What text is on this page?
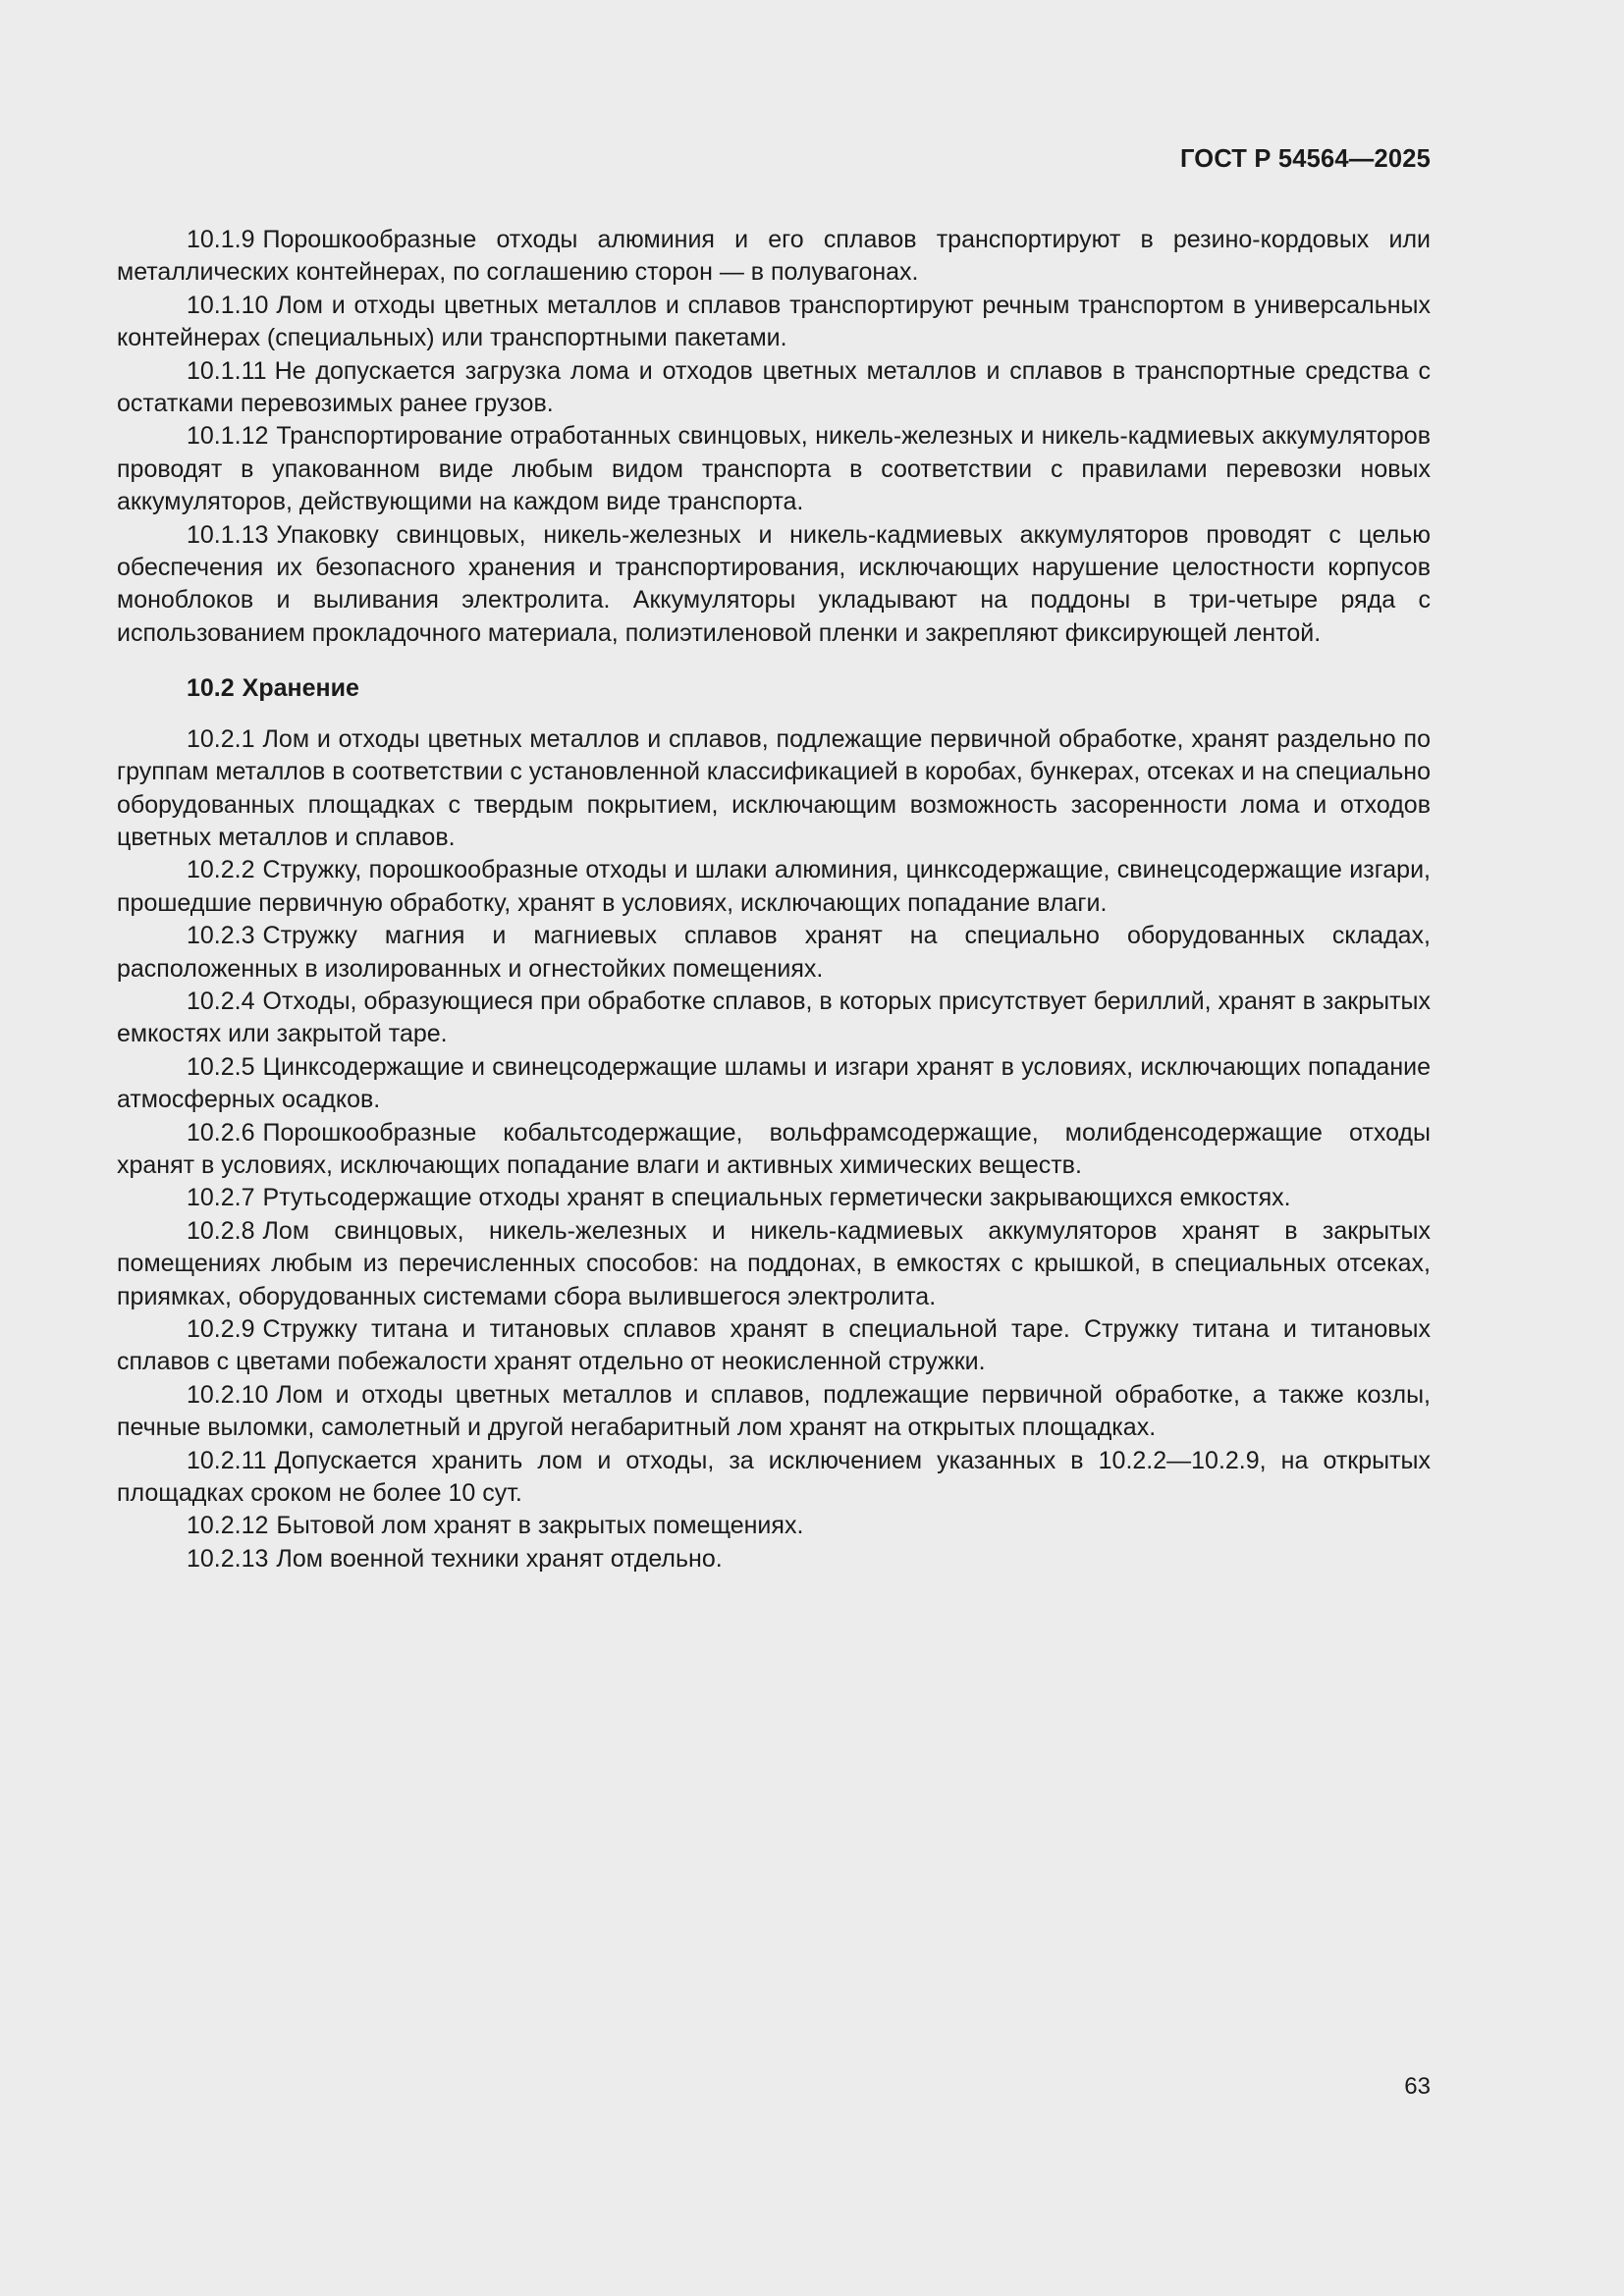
ГОСТ Р 54564—2025

10.1.9 Порошкообразные отходы алюминия и его сплавов транспортируют в резино-кордовых или металлических контейнерах, по соглашению сторон — в полувагонах.

10.1.10 Лом и отходы цветных металлов и сплавов транспортируют речным транспортом в универсальных контейнерах (специальных) или транспортными пакетами.

10.1.11 Не допускается загрузка лома и отходов цветных металлов и сплавов в транспортные средства с остатками перевозимых ранее грузов.

10.1.12 Транспортирование отработанных свинцовых, никель-железных и никель-кадмиевых аккумуляторов проводят в упакованном виде любым видом транспорта в соответствии с правилами перевозки новых аккумуляторов, действующими на каждом виде транспорта.

10.1.13 Упаковку свинцовых, никель-железных и никель-кадмиевых аккумуляторов проводят с целью обеспечения их безопасного хранения и транспортирования, исключающих нарушение целостности корпусов моноблоков и выливания электролита. Аккумуляторы укладывают на поддоны в три-четыре ряда с использованием прокладочного материала, полиэтиленовой пленки и закрепляют фиксирующей лентой.

10.2 Хранение

10.2.1 Лом и отходы цветных металлов и сплавов, подлежащие первичной обработке, хранят раздельно по группам металлов в соответствии с установленной классификацией в коробах, бункерах, отсеках и на специально оборудованных площадках с твердым покрытием, исключающим возможность засоренности лома и отходов цветных металлов и сплавов.

10.2.2 Стружку, порошкообразные отходы и шлаки алюминия, цинксодержащие, свинецсодержащие изгари, прошедшие первичную обработку, хранят в условиях, исключающих попадание влаги.

10.2.3 Стружку магния и магниевых сплавов хранят на специально оборудованных складах, расположенных в изолированных и огнестойких помещениях.

10.2.4 Отходы, образующиеся при обработке сплавов, в которых присутствует бериллий, хранят в закрытых емкостях или закрытой таре.

10.2.5 Цинксодержащие и свинецсодержащие шламы и изгари хранят в условиях, исключающих попадание атмосферных осадков.

10.2.6 Порошкообразные кобальтсодержащие, вольфрамсодержащие, молибденсодержащие отходы хранят в условиях, исключающих попадание влаги и активных химических веществ.

10.2.7 Ртутьсодержащие отходы хранят в специальных герметически закрывающихся емкостях.

10.2.8 Лом свинцовых, никель-железных и никель-кадмиевых аккумуляторов хранят в закрытых помещениях любым из перечисленных способов: на поддонах, в емкостях с крышкой, в специальных отсеках, приямках, оборудованных системами сбора вылившегося электролита.

10.2.9 Стружку титана и титановых сплавов хранят в специальной таре. Стружку титана и титановых сплавов с цветами побежалости хранят отдельно от неокисленной стружки.

10.2.10 Лом и отходы цветных металлов и сплавов, подлежащие первичной обработке, а также козлы, печные выломки, самолетный и другой негабаритный лом хранят на открытых площадках.

10.2.11 Допускается хранить лом и отходы, за исключением указанных в 10.2.2—10.2.9, на открытых площадках сроком не более 10 сут.

10.2.12 Бытовой лом хранят в закрытых помещениях.

10.2.13 Лом военной техники хранят отдельно.

63
